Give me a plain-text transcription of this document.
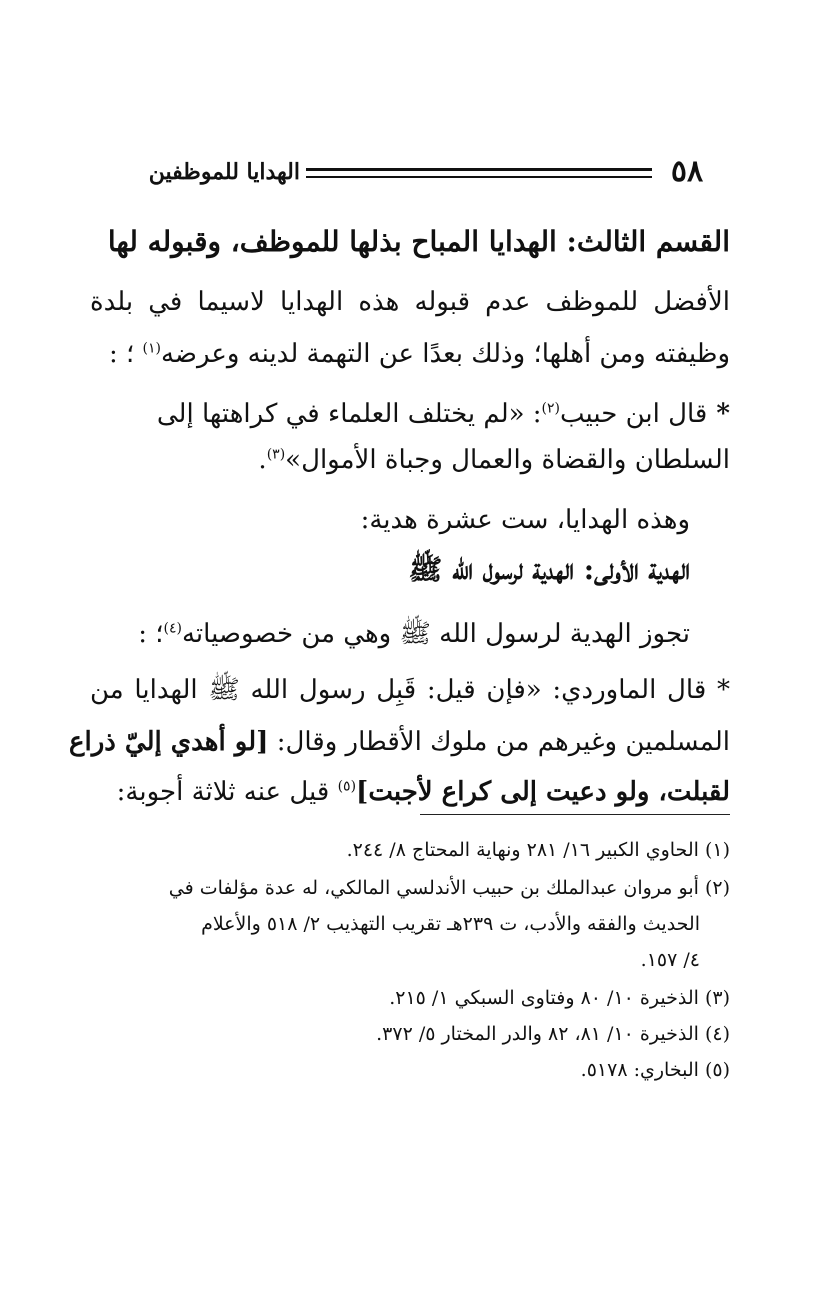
٥٨
الهدايا للموظفين
القسم الثالث: الهدايا المباح بذلها للموظف، وقبوله لها
الأفضل للموظف عدم قبوله هذه الهدايا لاسيما في بلدة
وظيفته ومن أهلها؛ وذلك بعدًا عن التهمة لدينه وعرضه$^{(١)}$ ؛ :
* قال ابن حبيب$^{(٢)}$: «لم يختلف العلماء في كراهتها إلى
السلطان والقضاة والعمال وجباة الأموال»$^{(٣)}$.
وهذه الهدايا، ست عشرة هدية:
الهدية الأولى: الهدية لرسول الله ﷺ
تجوز الهدية لرسول الله ﷺ وهي من خصوصياته$^{(٤)}$؛ :
* قال الماوردي: «فإن قيل: قَبِل رسول الله ﷺ الهدايا من
المسلمين وغيرهم من ملوك الأقطار وقال: [لو أهدي إليّ ذراع
لقبلت، ولو دعيت إلى كراع لأجبت]$^{(٥)}$ قيل عنه ثلاثة أجوبة:
(١) الحاوي الكبير ١٦/ ٢٨١ ونهاية المحتاج ٨/ ٢٤٤.
(٢) أبو مروان عبدالملك بن حبيب الأندلسي المالكي، له عدة مؤلفات في
الحديث والفقه والأدب، ت ٢٣٩هـ تقريب التهذيب ٢/ ٥١٨ والأعلام
٤/ ١٥٧.
(٣) الذخيرة ١٠/ ٨٠ وفتاوى السبكي ١/ ٢١٥.
(٤) الذخيرة ١٠/ ٨١، ٨٢ والدر المختار ٥/ ٣٧٢.
(٥) البخاري: ٥١٧٨.
